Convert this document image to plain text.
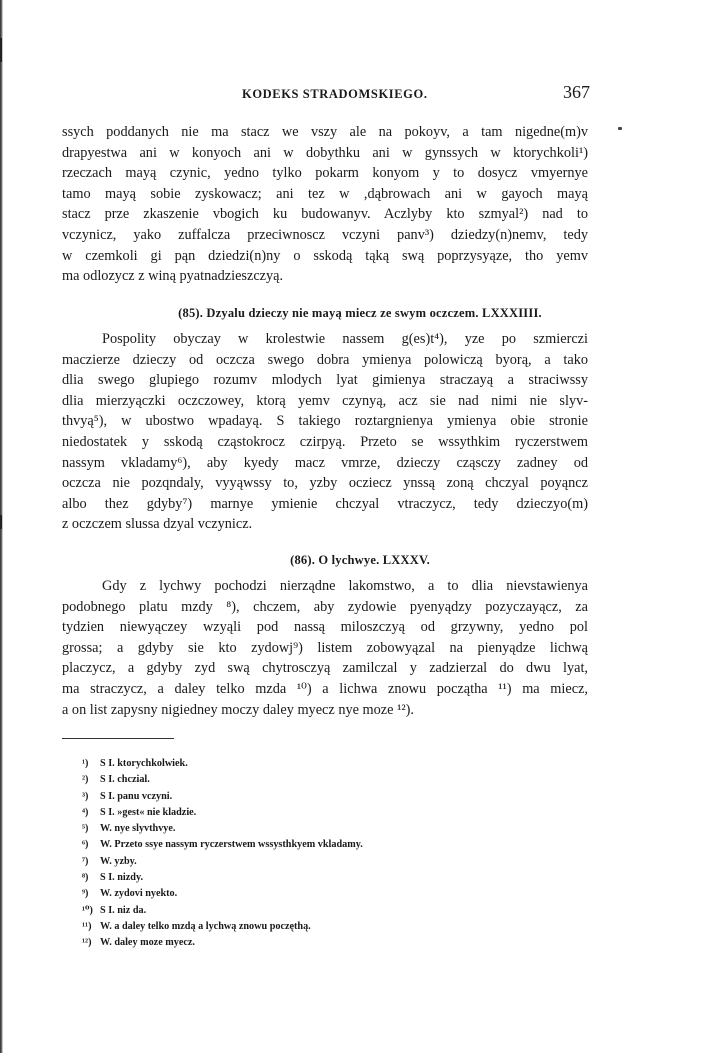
KODEKS STRADOMSKIEGO.	367

ssych poddanych nie ma stacz we vszy ale na pokoyv, a tam nigedne(m)v
drapyestwa ani w konyoch ani w dobythku ani w gynssych w ktorychkoli¹)
rzeczach mayą czynic, yedno tylko pokarm konyom y to dosycz vmyernye
tamo mayą sobie zyskowacz; ani tez w ,dąbrowach ani w gayoch mayą
stacz prze zkaszenie vbogich ku budowanyv. Aczlyby kto szmyal²) nad to
vczynicz, yako zuffalcza przeciwnoscz vczyni panv³) dziedzy(n)nemv, tedy
w czemkoli gi pąn dziedzi(n)ny o sskodą tąką swą poprzysyąze, tho yemv
ma odlozycz z winą pyatnadzieszczyą.

(85). Dzyalu dzieczy nie mayą miecz ze swym oczczem. LXXXIIII.

Pospolity obyczay w krolestwie nassem g(es)t⁴), yze po szmierczi
maczierze dzieczy od oczcza swego dobra ymienya polowiczą byorą, a tako
dlia swego glupiego rozumv mlodych lyat gimienya straczayą a straciwssy
dlia mierzyączki oczczowey, ktorą yemv czynyą, acz sie nad nimi nie slyv-
thvyą⁵), w ubostwo wpadayą. S takiego roztargnienya ymienya obie stronie
niedostatek y sskodą cząstokrocz czirpyą. Przeto se wssythkim ryczerstwem
nassym vkladamy⁶), aby kyedy macz vmrze, dzieczy cząsczy zadney od
oczcza nie pozqndaly, vyyąwssy to, yzby ocziecz ynssą zoną chczyal poyąncz
albo thez gdyby⁷) marnye ymienie chczyal vtraczycz, tedy dzieczyo(m)
z oczczem slussa dzyal vczynicz.

(86). O lychwye. LXXXV.

Gdy z lychwy pochodzi nierządne lakomstwo, a to dlia nievstawienya
podobnego platu mzdy ⁸), chczem, aby zydowie pyenyądzy pozyczayącz, za
tydzien niewyączey wzyąli pod nassą miloszczyą od grzywny, yedno pol
grossa; a gdyby sie kto zydowj⁹) listem zobowyązal na pienyądze lichwą
placzycz, a gdyby zyd swą chytrosczyą zamilczal y zadzierzal do dwu lyat,
ma straczycz, a daley telko mzda ¹⁰) a lichwa znowu początha ¹¹) ma miecz,
a on list zapysny nigiedney moczy daley myecz nye moze ¹²).

¹) S I. ktorychkolwiek.
²) S I. chczial.
³) S I. panu vczyni.
⁴) S I. »gest« nie kladzie.
⁵) W. nye slyvthvye.
⁶) W. Przeto ssye nassym ryczerstwem wssysthkyem vkladamy.
⁷) W. yzby.
⁸) S I. nizdy.
⁹) W. zydovi nyekto.
¹⁰) S I. niz da.
¹¹) W. a daley telko mzdą a lychwą znowu poczęthą.
¹²) W. daley moze myecz.
